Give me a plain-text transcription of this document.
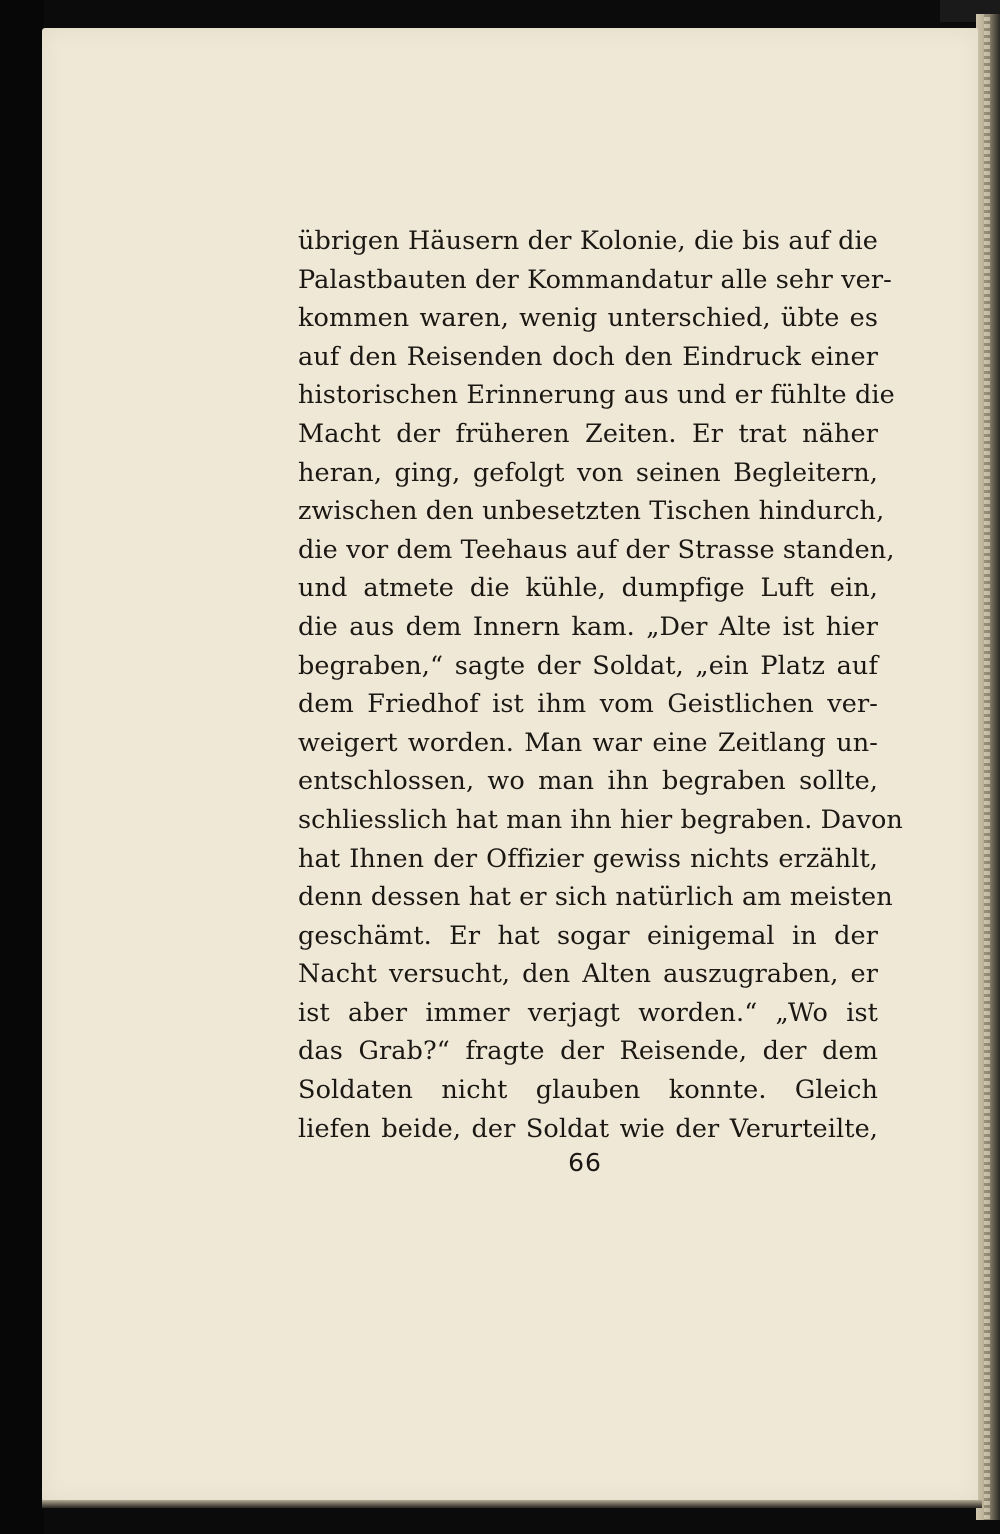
übrigen Häusern der Kolonie, die bis auf die
Palastbauten der Kommandatur alle sehr ver-
kommen waren, wenig unterschied, übte es
auf den Reisenden doch den Eindruck einer
historischen Erinnerung aus und er fühlte die
Macht der früheren Zeiten. Er trat näher
heran, ging, gefolgt von seinen Begleitern,
zwischen den unbesetzten Tischen hindurch,
die vor dem Teehaus auf der Strasse standen,
und atmete die kühle, dumpfige Luft ein,
die aus dem Innern kam. „Der Alte ist hier
begraben,“ sagte der Soldat, „ein Platz auf
dem Friedhof ist ihm vom Geistlichen ver-
weigert worden. Man war eine Zeitlang un-
entschlossen, wo man ihn begraben sollte,
schliesslich hat man ihn hier begraben. Davon
hat Ihnen der Offizier gewiss nichts erzählt,
denn dessen hat er sich natürlich am meisten
geschämt. Er hat sogar einigemal in der
Nacht versucht, den Alten auszugraben, er
ist aber immer verjagt worden.“ „Wo ist
das Grab?“ fragte der Reisende, der dem
Soldaten nicht glauben konnte. Gleich
liefen beide, der Soldat wie der Verurteilte,
66
